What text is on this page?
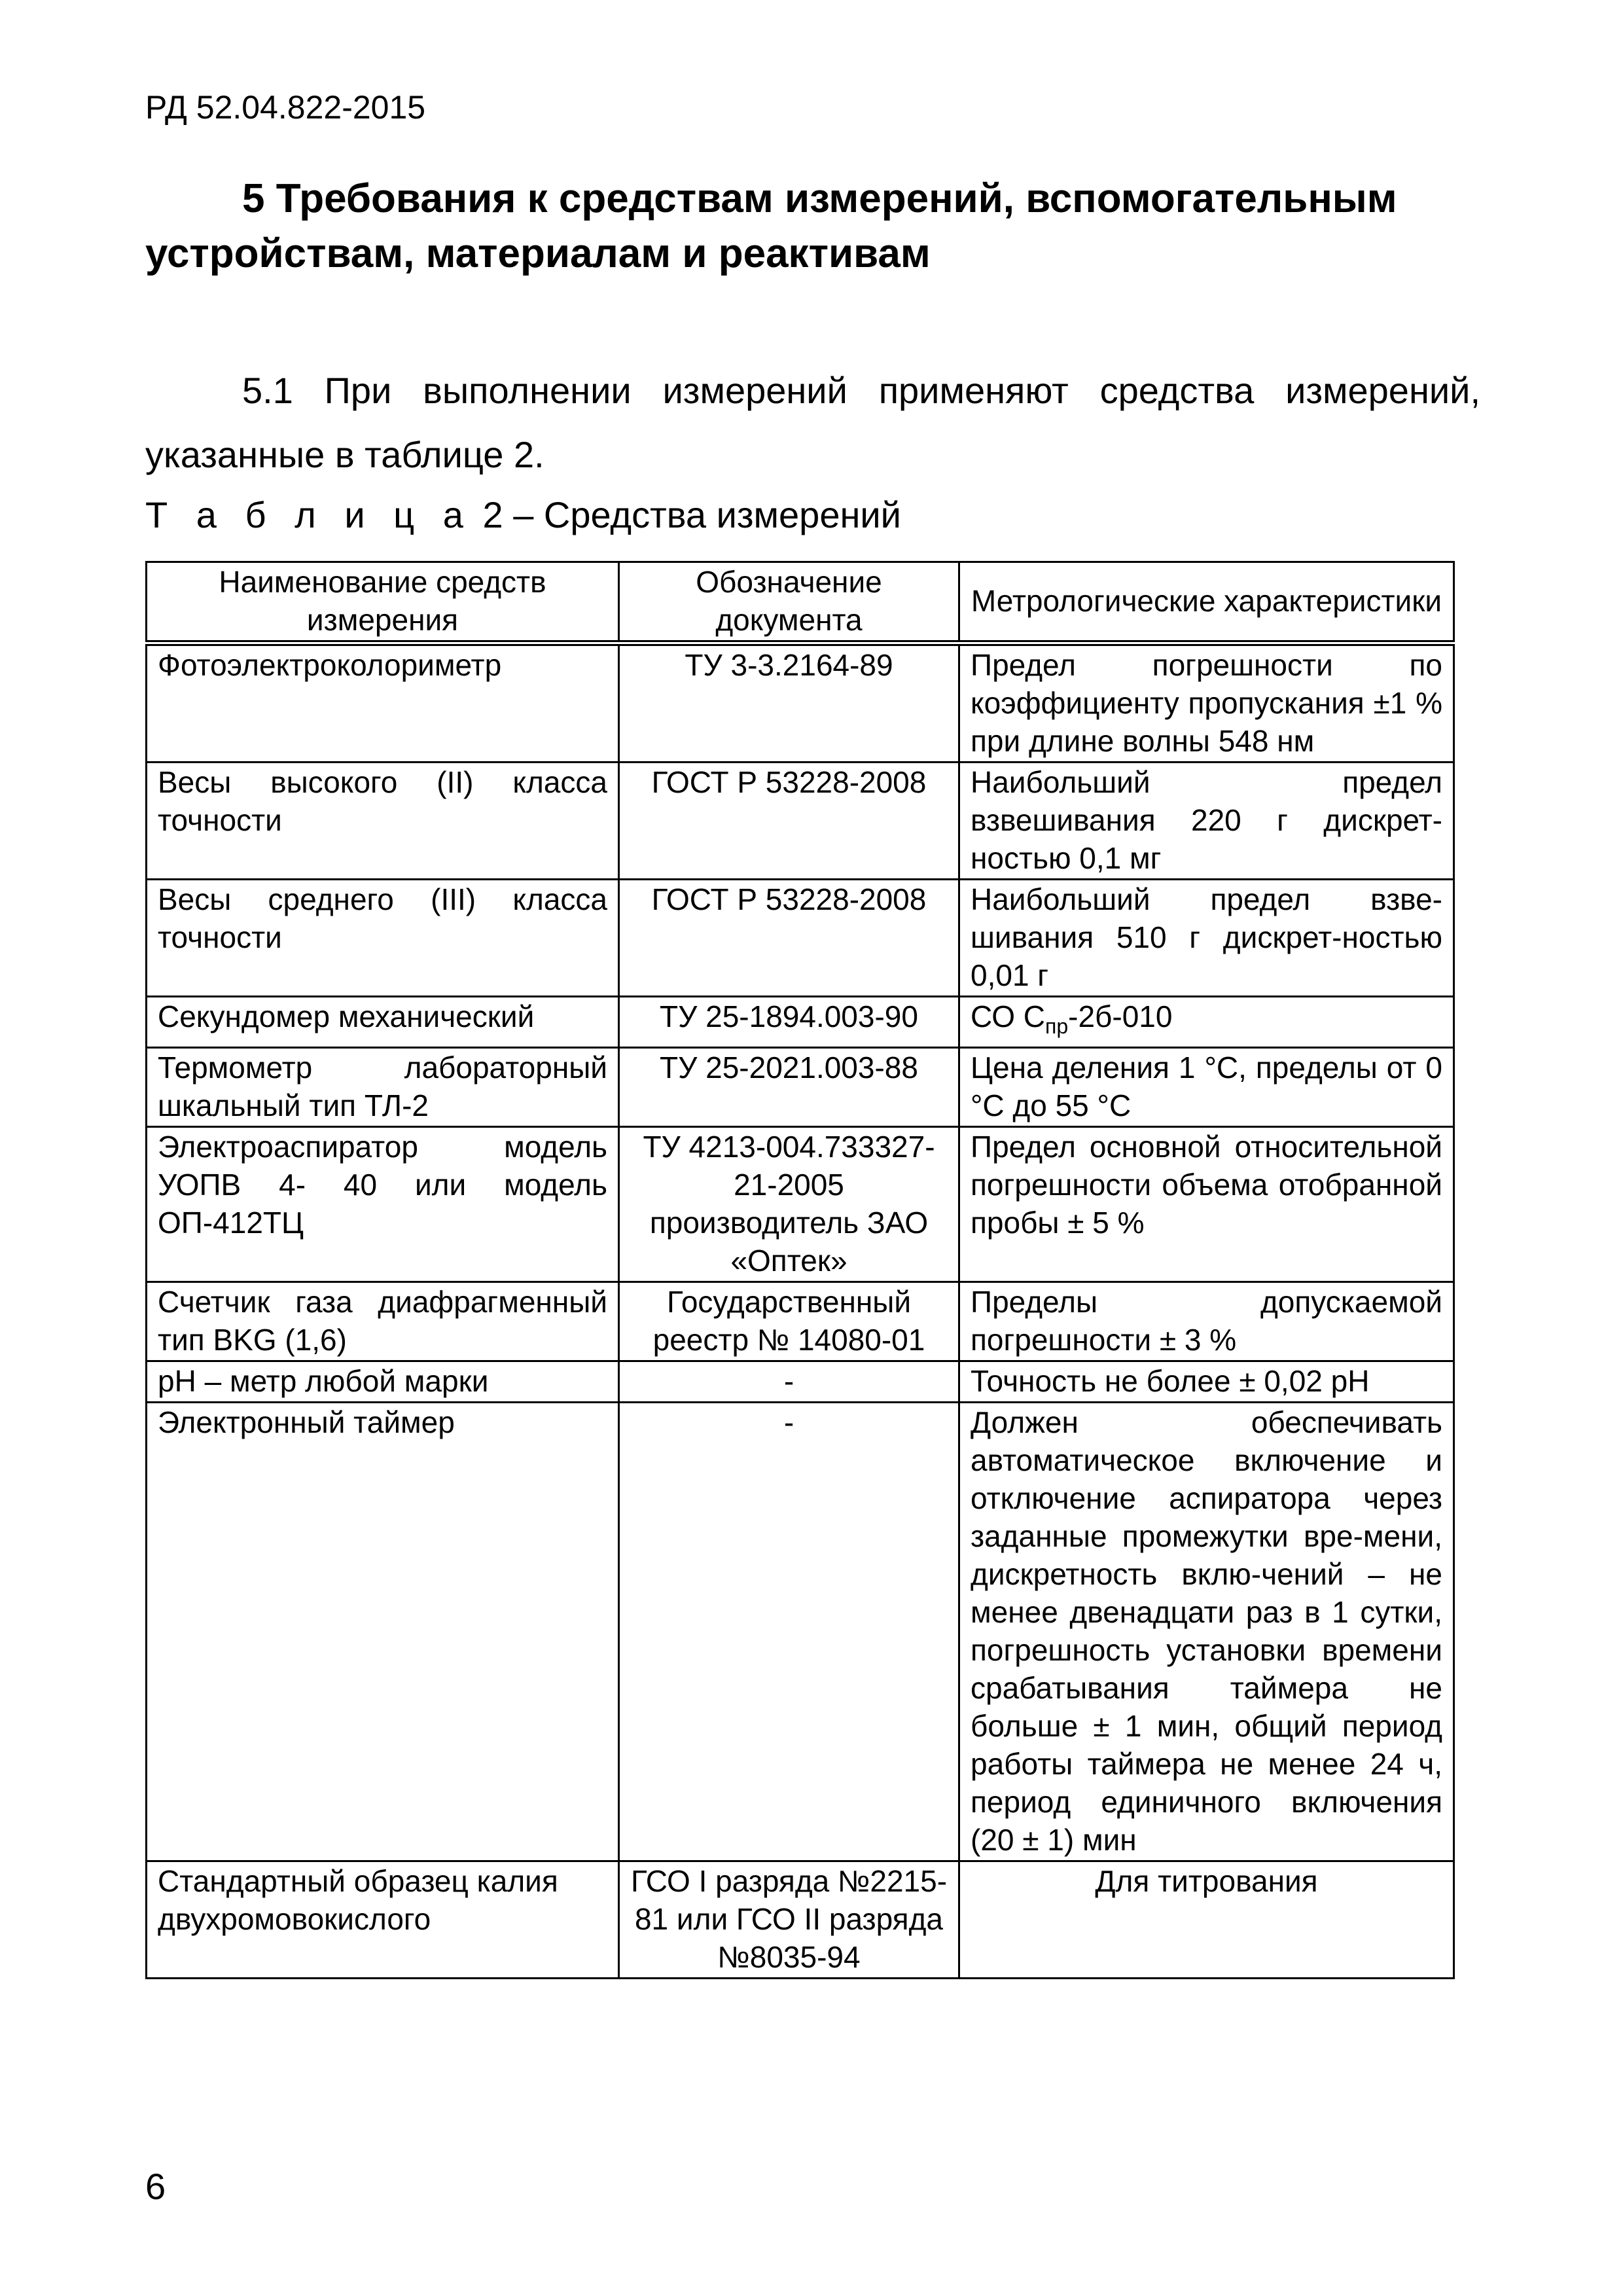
РД 52.04.822-2015
5 Требования к средствам измерений, вспомогательным
устройствам, материалам и реактивам
5.1 При выполнении измерений применяют средства измерений, указанные в таблице 2.
Т а б л и ц а 2 – Средства измерений
Наименование средств измерения	Обозначение документа	Метрологические характеристики
Фотоэлектроколориметр	ТУ 3-3.2164-89	Предел погрешности по коэффициенту пропускания ±1 % при длине волны 548 нм
Весы высокого (II) класса точности	ГОСТ Р 53228-2008	Наибольший предел взвешивания 220 г дискрет-ностью 0,1 мг
Весы среднего (III) класса точности	ГОСТ Р 53228-2008	Наибольший предел взве-шивания 510 г дискрет-ностью 0,01 г
Секундомер механический	ТУ 25-1894.003-90	СО $С_{пр}-2б-010$
Термометр лабораторный шкальный тип ТЛ-2	ТУ 25-2021.003-88	Цена деления 1 °С, пределы от 0 °С до 55 °С
Электроаспиратор модель УОПВ 4- 40 или модель ОП-412ТЦ	ТУ 4213-004.733327-21-2005 производитель ЗАО «Оптек»	Предел основной относительной погрешности объема отобранной пробы ± 5 %
Счетчик газа диафрагменный тип BKG (1,6)	Государственный реестр № 14080-01	Пределы допускаемой погрешности ± 3 %
рН – метр любой марки	-	Точность не более ± 0,02 рН
Электронный таймер	-	Должен обеспечивать автоматическое включение и отключение аспиратора через заданные промежутки вре-мени, дискретность вклю-чений – не менее двенадцати раз в 1 сутки, погрешность установки времени срабатывания таймера не больше ± 1 мин, общий период работы таймера не менее 24 ч, период единичного включения (20 ± 1) мин
Стандартный образец калия двухромовокислого	ГСО I разряда №2215-81 или ГСО II разряда №8035-94	Для титрования
6
